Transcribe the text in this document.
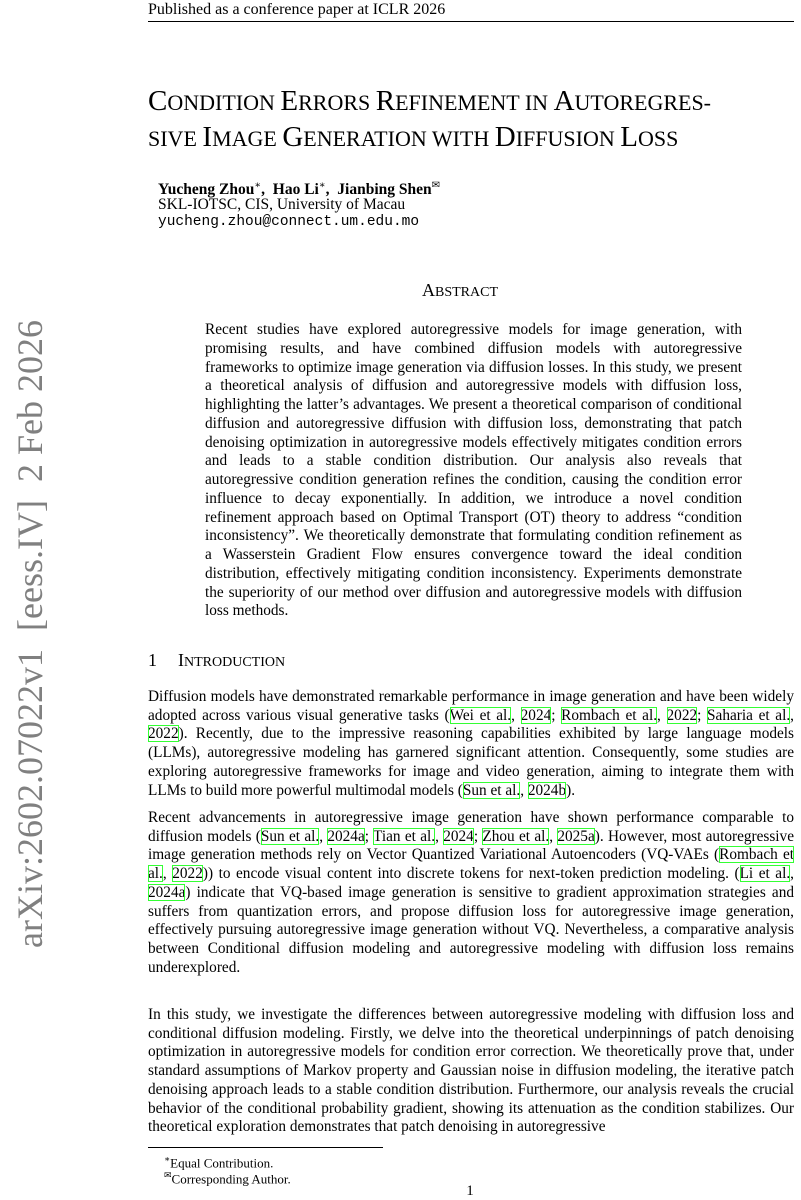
Published as a conference paper at ICLR 2026
arXiv:2602.07022v1  [eess.IV]  2 Feb 2026
CONDITION ERRORS REFINEMENT IN AUTOREGRES-
SIVE IMAGE GENERATION WITH DIFFUSION LOSS
Yucheng Zhou∗, Hao Li∗, Jianbing Shen✉
SKL-IOTSC, CIS, University of Macau
yucheng.zhou@connect.um.edu.mo
ABSTRACT
Recent studies have explored autoregressive models for image generation, with promising results, and have combined diffusion models with autoregressive frameworks to optimize image generation via diffusion losses. In this study, we present a theoretical analysis of diffusion and autoregressive models with diffusion loss, highlighting the latter’s advantages. We present a theoretical comparison of conditional diffusion and autoregressive diffusion with diffusion loss, demonstrating that patch denoising optimization in autoregressive models effectively mitigates condition errors and leads to a stable condition distribution. Our analysis also reveals that autoregressive condition generation refines the condition, causing the condition error influence to decay exponentially. In addition, we introduce a novel condition refinement approach based on Optimal Transport (OT) theory to address “condition inconsistency”. We theoretically demonstrate that formulating condition refinement as a Wasserstein Gradient Flow ensures convergence toward the ideal condition distribution, effectively mitigating condition inconsistency. Experiments demonstrate the superiority of our method over diffusion and autoregressive models with diffusion loss methods.
1 INTRODUCTION
Diffusion models have demonstrated remarkable performance in image generation and have been widely adopted across various visual generative tasks (Wei et al., 2024; Rombach et al., 2022; Saharia et al., 2022). Recently, due to the impressive reasoning capabilities exhibited by large language models (LLMs), autoregressive modeling has garnered significant attention. Consequently, some studies are exploring autoregressive frameworks for image and video generation, aiming to integrate them with LLMs to build more powerful multimodal models (Sun et al., 2024b).
Recent advancements in autoregressive image generation have shown performance comparable to diffusion models (Sun et al., 2024a; Tian et al., 2024; Zhou et al., 2025a). However, most autoregressive image generation methods rely on Vector Quantized Variational Autoencoders (VQ-VAEs (Rombach et al., 2022)) to encode visual content into discrete tokens for next-token prediction modeling. (Li et al., 2024a) indicate that VQ-based image generation is sensitive to gradient approximation strategies and suffers from quantization errors, and propose diffusion loss for autoregressive image generation, effectively pursuing autoregressive image generation without VQ. Nevertheless, a comparative analysis between Conditional diffusion modeling and autoregressive modeling with diffusion loss remains underexplored.
In this study, we investigate the differences between autoregressive modeling with diffusion loss and conditional diffusion modeling. Firstly, we delve into the theoretical underpinnings of patch denoising optimization in autoregressive models for condition error correction. We theoretically prove that, under standard assumptions of Markov property and Gaussian noise in diffusion modeling, the iterative patch denoising approach leads to a stable condition distribution. Furthermore, our analysis reveals the crucial behavior of the conditional probability gradient, showing its attenuation as the condition stabilizes. Our theoretical exploration demonstrates that patch denoising in autoregressive
∗Equal Contribution.
✉Corresponding Author.
1
